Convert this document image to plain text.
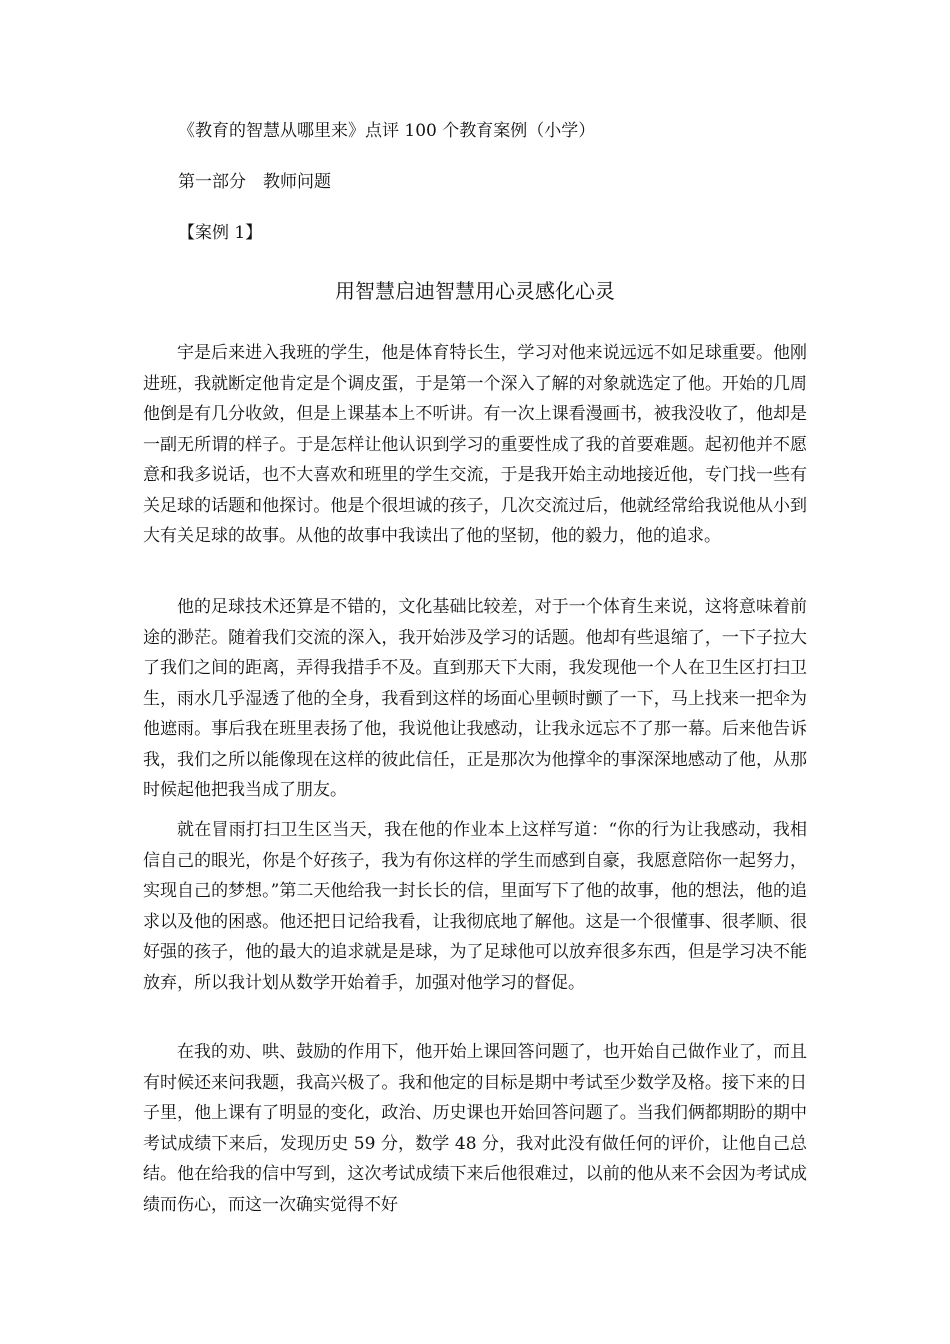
《教育的智慧从哪里来》点评 100 个教育案例（小学）
第一部分　教师问题
【案例 1】
用智慧启迪智慧用心灵感化心灵

宇是后来进入我班的学生，他是体育特长生，学习对他来说远远不如足球重要。他刚进班，我就断定他肯定是个调皮蛋，于是第一个深入了解的对象就选定了他。开始的几周他倒是有几分收敛，但是上课基本上不听讲。有一次上课看漫画书，被我没收了，他却是一副无所谓的样子。于是怎样让他认识到学习的重要性成了我的首要难题。起初他并不愿意和我多说话，也不大喜欢和班里的学生交流，于是我开始主动地接近他，专门找一些有关足球的话题和他探讨。他是个很坦诚的孩子，几次交流过后，他就经常给我说他从小到大有关足球的故事。从他的故事中我读出了他的坚韧，他的毅力，他的追求。

他的足球技术还算是不错的，文化基础比较差，对于一个体育生来说，这将意味着前途的渺茫。随着我们交流的深入，我开始涉及学习的话题。他却有些退缩了，一下子拉大了我们之间的距离，弄得我措手不及。直到那天下大雨，我发现他一个人在卫生区打扫卫生，雨水几乎湿透了他的全身，我看到这样的场面心里顿时颤了一下，马上找来一把伞为他遮雨。事后我在班里表扬了他，我说他让我感动，让我永远忘不了那一幕。后来他告诉我，我们之所以能像现在这样的彼此信任，正是那次为他撑伞的事深深地感动了他，从那时候起他把我当成了朋友。

就在冒雨打扫卫生区当天，我在他的作业本上这样写道：“你的行为让我感动，我相信自己的眼光，你是个好孩子，我为有你这样的学生而感到自豪，我愿意陪你一起努力，实现自己的梦想。”第二天他给我一封长长的信，里面写下了他的故事，他的想法，他的追求以及他的困惑。他还把日记给我看，让我彻底地了解他。这是一个很懂事、很孝顺、很好强的孩子，他的最大的追求就是是球，为了足球他可以放弃很多东西，但是学习决不能放弃，所以我计划从数学开始着手，加强对他学习的督促。

在我的劝、哄、鼓励的作用下，他开始上课回答问题了，也开始自己做作业了，而且有时候还来问我题，我高兴极了。我和他定的目标是期中考试至少数学及格。接下来的日子里，他上课有了明显的变化，政治、历史课也开始回答问题了。当我们俩都期盼的期中考试成绩下来后，发现历史 59 分，数学 48 分，我对此没有做任何的评价，让他自己总结。他在给我的信中写到，这次考试成绩下来后他很难过，以前的他从来不会因为考试成绩而伤心，而这一次确实觉得不好
